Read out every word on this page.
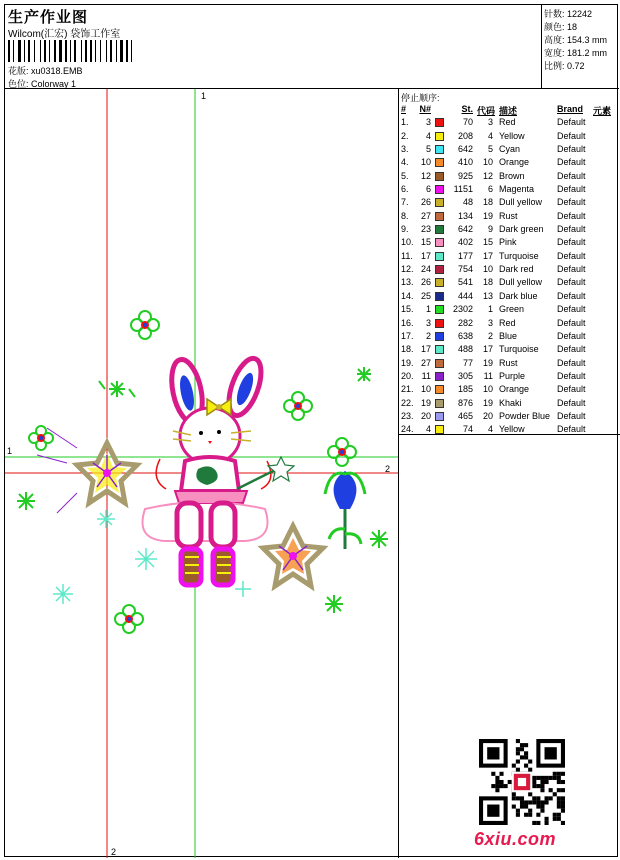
生产作业图
Wilcom(汇宏) 袋饰工作室
花版: xu0318.EMB
色位: Colorway 1
针数: 12242
颜色: 18
高度: 154.3 mm
宽度: 181.2 mm
比例: 0.72
1
2
1
2
停止顺序:
#	N#	St. 代码 描述	Brand 元素
1.	3	70	3 Red	Default
2.	4	208	4 Yellow	Default
3.	5	642	5 Cyan	Default
4.	10	410	10 Orange	Default
5.	12	925	12 Brown	Default
6.	6	1151	6 Magenta	Default
7.	26	48	18 Dull yellow Default
8.	27	134	19 Rust	Default
9.	23	642	9 Dark green Default
10. 15	402	15 Pink	Default
11. 17	177	17 Turquoise Default
12. 24	754	10 Dark red	Default
13. 26	541	18 Dull yellow Default
14. 25	444	13 Dark blue Default
15.	1	2302	1 Green	Default
16.	3	282	3 Red	Default
17.	2	638	2 Blue	Default
18. 17	488	17 Turquoise Default
19. 27	77	19 Rust	Default
20. 11	305	11 Purple	Default
21. 10	185	10 Orange	Default
22. 19	876	19 Khaki	Default
23. 20	465	20 Powder Blue Default
24.	4	74	4 Yellow	Default
6xiu.com
